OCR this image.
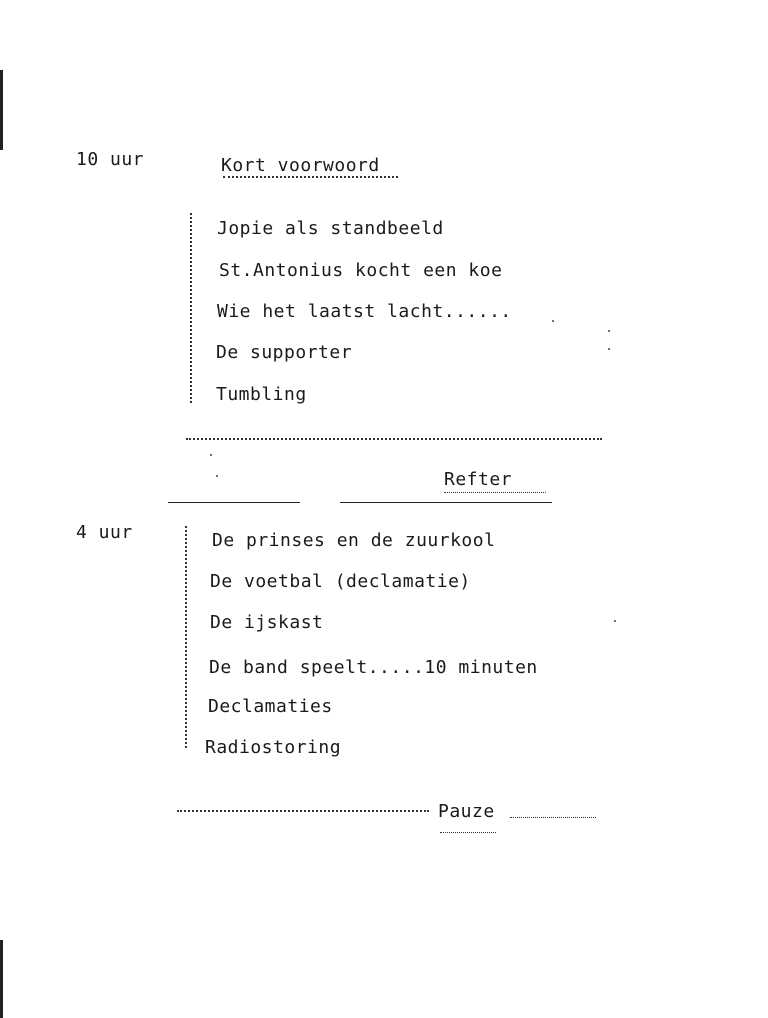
10 uur	Kort voorwoord
Jopie als standbeeld
St.Antonius kocht een koe
Wie het laatst lacht......
De supporter
Tumbling
Refter
4 uur	De prinses en de zuurkool
De voetbal (declamatie)
De ijskast
De band speelt.....10 minuten
Declamaties
Radiostoring
Pauze
